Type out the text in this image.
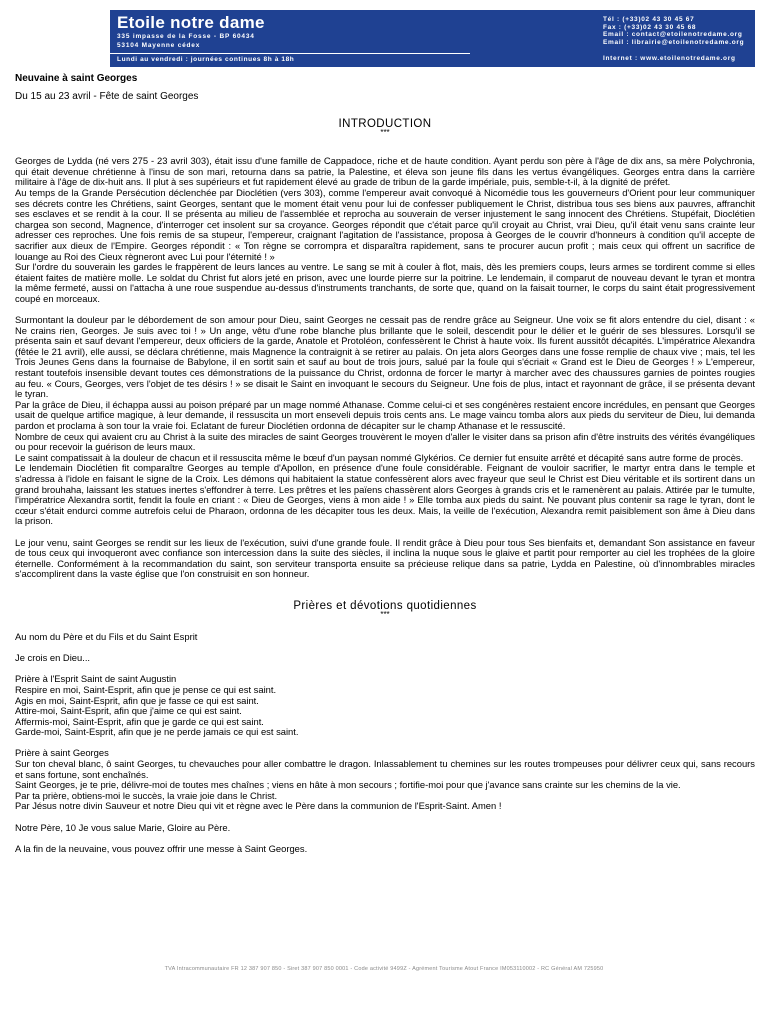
Etoile notre dame
335 impasse de la Fosse - BP 60434
53104 Mayenne cédex
Lundi au vendredi : journées continues 8h à 18h
Tél : (+33)02 43 30 45 67
Fax : (+33)02 43 30 45 68
Email : contact@etoilenotredame.org
Email : librairie@etoilenotredame.org
Internet : www.etoilenotredame.org

Neuvaine à saint Georges

Du 15 au 23 avril - Fête de saint Georges

INTRODUCTION

***

Georges de Lydda (né vers 275 - 23 avril 303), était issu d'une famille de Cappadoce, riche et de haute condition. Ayant perdu son père à l'âge de dix ans, sa mère Polychronia, qui était devenue chrétienne à l'insu de son mari, retourna dans sa patrie, la Palestine, et éleva son jeune fils dans les vertus évangéliques. Georges entra dans la carrière militaire à l'âge de dix-huit ans. Il plut à ses supérieurs et fut rapidement élevé au grade de tribun de la garde impériale, puis, semble-t-il, à la dignité de préfet.

Au temps de la Grande Persécution déclenchée par Dioclétien (vers 303), comme l'empereur avait convoqué à Nicomédie tous les gouverneurs d'Orient pour leur communiquer ses décrets contre les Chrétiens, saint Georges, sentant que le moment était venu pour lui de confesser publiquement le Christ, distribua tous ses biens aux pauvres, affranchit ses esclaves et se rendit à la cour. Il se présenta au milieu de l'assemblée et reprocha au souverain de verser injustement le sang innocent des Chrétiens. Stupéfait, Dioclétien chargea son second, Magnence, d'interroger cet insolent sur sa croyance. Georges répondit que c'était parce qu'il croyait au Christ, vrai Dieu, qu'il était venu sans crainte leur adresser ces reproches. Une fois remis de sa stupeur, l'empereur, craignant l'agitation de l'assistance, proposa à Georges de le couvrir d'honneurs à condition qu'il accepte de sacrifier aux dieux de l'Empire. Georges répondit : « Ton règne se corrompra et disparaîtra rapidement, sans te procurer aucun profit ; mais ceux qui offrent un sacrifice de louange au Roi des Cieux règneront avec Lui pour l'éternité ! »

Sur l'ordre du souverain les gardes le frappèrent de leurs lances au ventre. Le sang se mit à couler à flot, mais, dès les premiers coups, leurs armes se tordirent comme si elles étaient faites de matière molle. Le soldat du Christ fut alors jeté en prison, avec une lourde pierre sur la poitrine. Le lendemain, il comparut de nouveau devant le tyran et montra la même fermeté, aussi on l'attacha à une roue suspendue au-dessus d'instruments tranchants, de sorte que, quand on la faisait tourner, le corps du saint était progressivement coupé en morceaux.

Surmontant la douleur par le débordement de son amour pour Dieu, saint Georges ne cessait pas de rendre grâce au Seigneur. Une voix se fit alors entendre du ciel, disant : « Ne crains rien, Georges. Je suis avec toi ! » Un ange, vêtu d'une robe blanche plus brillante que le soleil, descendit pour le délier et le guérir de ses blessures. Lorsqu'il se présenta sain et sauf devant l'empereur, deux officiers de la garde, Anatole et Protoléon, confessèrent le Christ à haute voix. Ils furent aussitôt décapités. L'impératrice Alexandra (fêtée le 21 avril), elle aussi, se déclara chrétienne, mais Magnence la contraignit à se retirer au palais. On jeta alors Georges dans une fosse remplie de chaux vive ; mais, tel les Trois Jeunes Gens dans la fournaise de Babylone, il en sortit sain et sauf au bout de trois jours, salué par la foule qui s'écriait « Grand est le Dieu de Georges ! » L'empereur, restant toutefois insensible devant toutes ces démonstrations de la puissance du Christ, ordonna de forcer le martyr à marcher avec des chaussures garnies de pointes rougies au feu. « Cours, Georges, vers l'objet de tes désirs ! » se disait le Saint en invoquant le secours du Seigneur. Une fois de plus, intact et rayonnant de grâce, il se présenta devant le tyran.

Par la grâce de Dieu, il échappa aussi au poison préparé par un mage nommé Athanase. Comme celui-ci et ses congénères restaient encore incrédules, en pensant que Georges usait de quelque artifice magique, à leur demande, il ressuscita un mort enseveli depuis trois cents ans. Le mage vaincu tomba alors aux pieds du serviteur de Dieu, lui demanda pardon et proclama à son tour la vraie foi. Eclatant de fureur Dioclétien ordonna de décapiter sur le champ Athanase et le ressuscité.

Nombre de ceux qui avaient cru au Christ à la suite des miracles de saint Georges trouvèrent le moyen d'aller le visiter dans sa prison afin d'être instruits des vérités évangéliques ou pour recevoir la guérison de leurs maux.

Le saint compatissait à la douleur de chacun et il ressuscita même le bœuf d'un paysan nommé Glykérios. Ce dernier fut ensuite arrêté et décapité sans autre forme de procès.

Le lendemain Dioclétien fit comparaître Georges au temple d'Apollon, en présence d'une foule considérable. Feignant de vouloir sacrifier, le martyr entra dans le temple et s'adressa à l'idole en faisant le signe de la Croix. Les démons qui habitaient la statue confessèrent alors avec frayeur que seul le Christ est Dieu véritable et ils sortirent dans un grand brouhaha, laissant les statues inertes s'effondrer à terre. Les prêtres et les païens chassèrent alors Georges à grands cris et le ramenèrent au palais. Attirée par le tumulte, l'impératrice Alexandra sortit, fendit la foule en criant : « Dieu de Georges, viens à mon aide ! » Elle tomba aux pieds du saint. Ne pouvant plus contenir sa rage le tyran, dont le cœur s'était endurci comme autrefois celui de Pharaon, ordonna de les décapiter tous les deux. Mais, la veille de l'exécution, Alexandra remit paisiblement son âme à Dieu dans la prison.

Le jour venu, saint Georges se rendit sur les lieux de l'exécution, suivi d'une grande foule. Il rendit grâce à Dieu pour tous Ses bienfaits et, demandant Son assistance en faveur de tous ceux qui invoqueront avec confiance son intercession dans la suite des siècles, il inclina la nuque sous le glaive et partit pour remporter au ciel les trophées de la gloire éternelle. Conformément à la recommandation du saint, son serviteur transporta ensuite sa précieuse relique dans sa patrie, Lydda en Palestine, où d'innombrables miracles s'accomplirent dans la vaste église que l'on construisit en son honneur.

Prières et dévotions quotidiennes

***

Au nom du Père et du Fils et du Saint Esprit

Je crois en Dieu...

Prière à l'Esprit Saint de saint Augustin

Respire en moi, Saint-Esprit, afin que je pense ce qui est saint.

Agis en moi, Saint-Esprit, afin que je fasse ce qui est saint.

Attire-moi, Saint-Esprit, afin que j'aime ce qui est saint.

Affermis-moi, Saint-Esprit, afin que je garde ce qui est saint.

Garde-moi, Saint-Esprit, afin que je ne perde jamais ce qui est saint.

Prière à saint Georges

Sur ton cheval blanc, ô saint Georges, tu chevauches pour aller combattre le dragon. Inlassablement tu chemines sur les routes trompeuses pour délivrer ceux qui, sans recours et sans fortune, sont enchaînés.

Saint Georges, je te prie, délivre-moi de toutes mes chaînes ; viens en hâte à mon secours ; fortifie-moi pour que j'avance sans crainte sur les chemins de la vie.

Par ta prière, obtiens-moi le succès, la vraie joie dans le Christ.

Par Jésus notre divin Sauveur et notre Dieu qui vit et règne avec le Père dans la communion de l'Esprit-Saint. Amen !

Notre Père, 10 Je vous salue Marie, Gloire au Père.

A la fin de la neuvaine, vous pouvez offrir une messe à Saint Georges.

TVA Intracommunautaire FR 12 387 907 850 - Siret 387 907 850 0001 - Code activité 9499Z - Agrément Tourisme Atout France IM053110002 - RC Général AM 725950
